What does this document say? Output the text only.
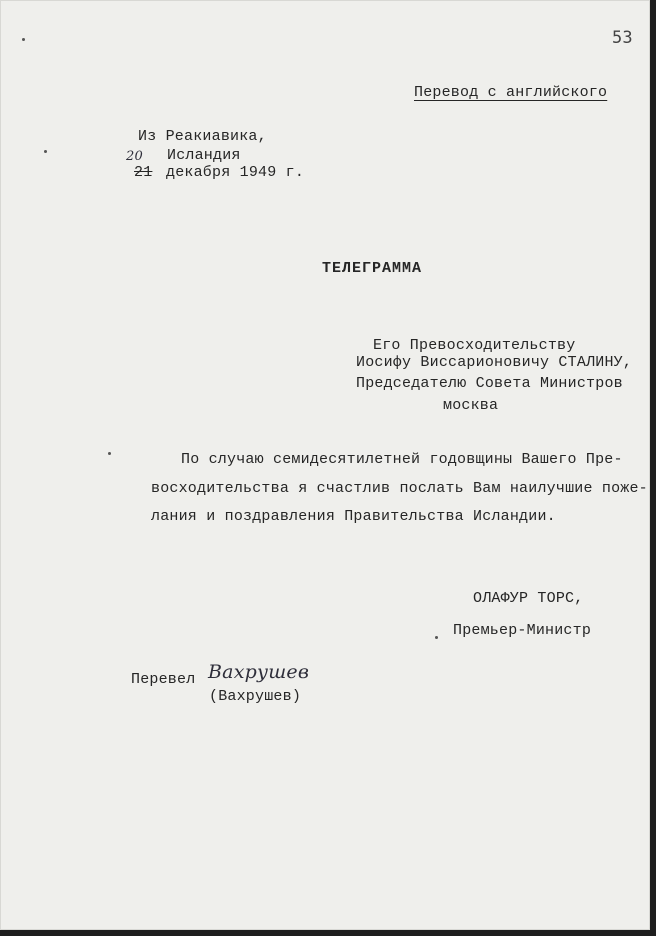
53
Перевод с английского
Из Реакиавика,
Исландия
20
21 декабря 1949 г.
ТЕЛЕГРАММА
Его Превосходительству
Иосифу Виссарионовичу СТАЛИНУ,
Председателю Совета Министров
москва
По случаю семидесятилетней годовщины Вашего Пре-
восходительства я счастлив послать Вам наилучшие поже-
лания и поздравления Правительства Исландии.
ОЛАФУР ТОРС,
Премьер-Министр
Перевел Вахрушев
(Вахрушев)
